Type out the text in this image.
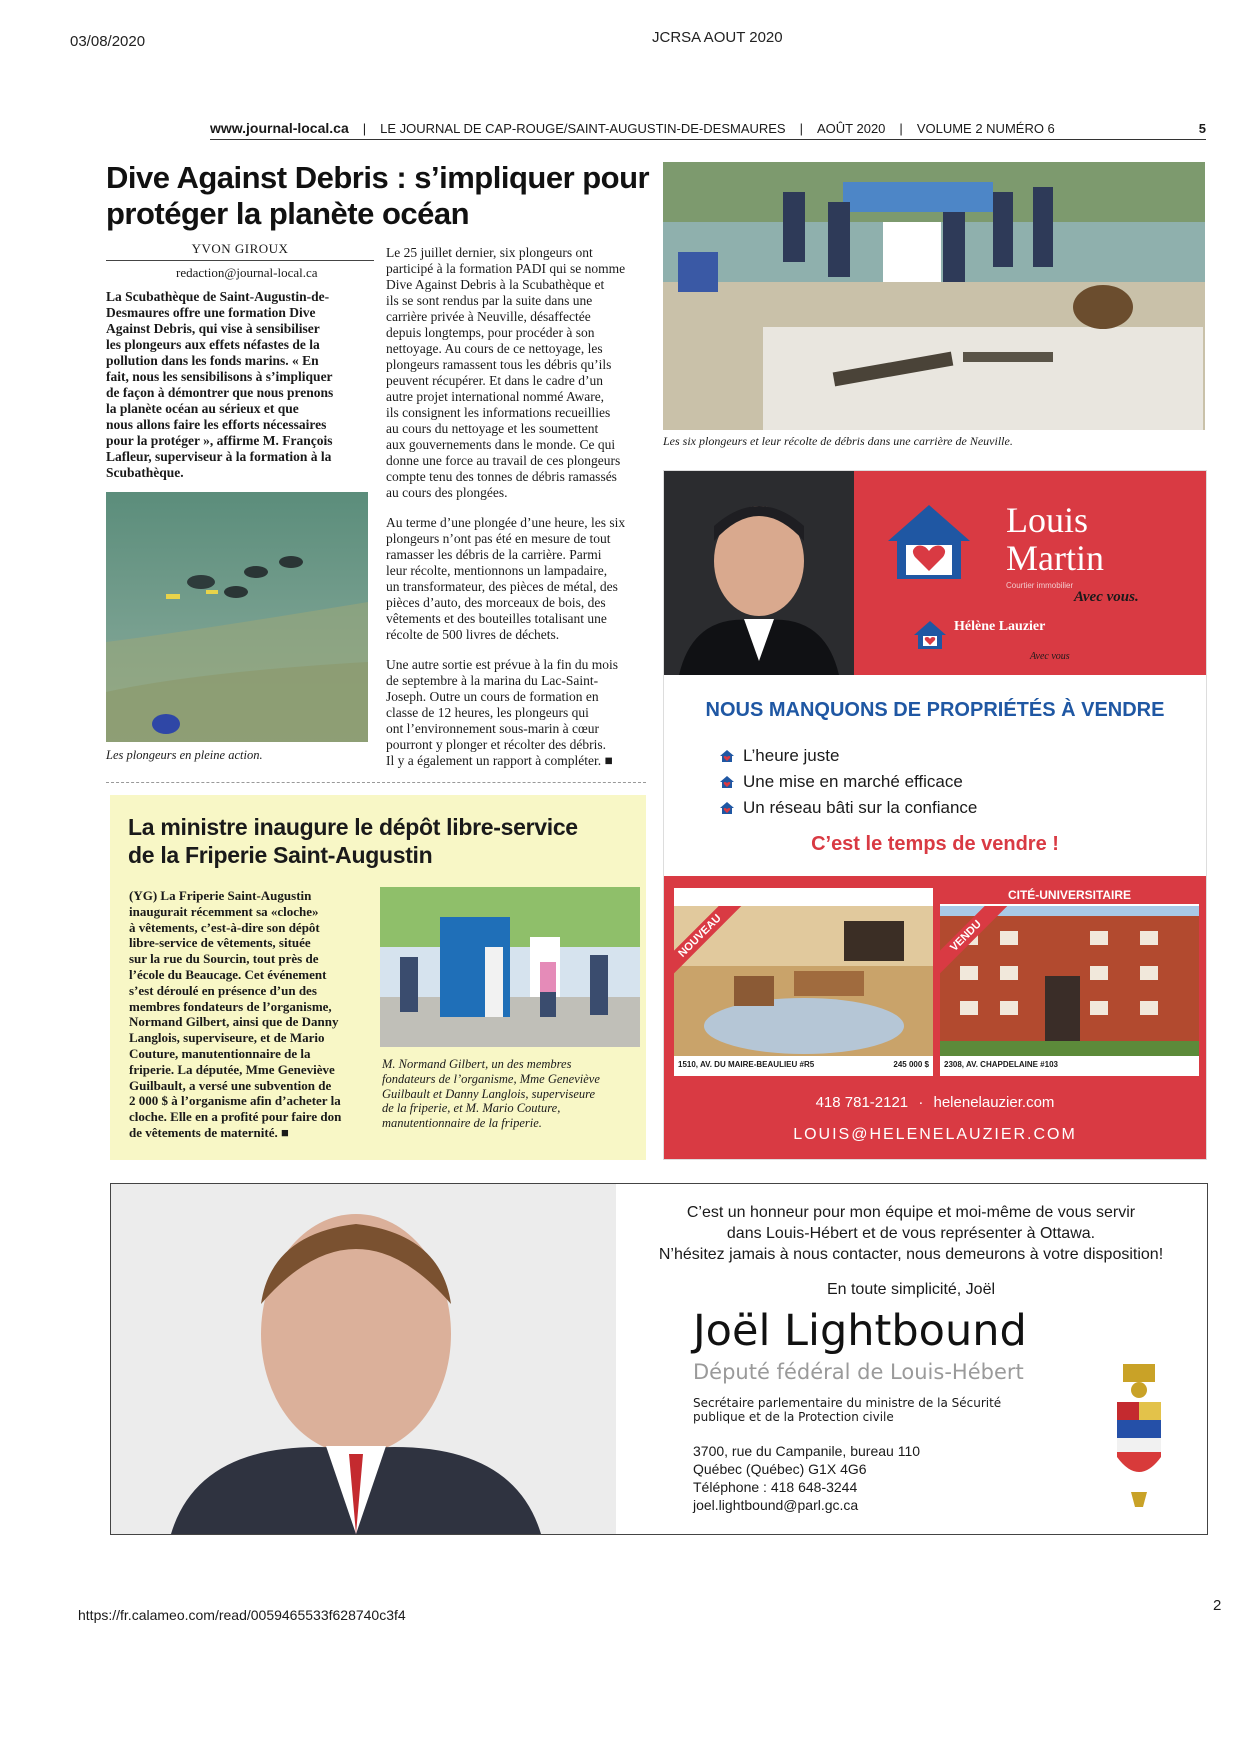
03/08/2020	JCRSA AOUT 2020
www.journal-local.ca | LE JOURNAL DE CAP-ROUGE/SAINT-AUGUSTIN-DE-DESMAURES | AOÛT 2020 | VOLUME 2 NUMÉRO 6	5
Dive Against Debris : s’impliquer pour
protéger la planète océan
YVON GIROUX
redaction@journal-local.ca
La Scubathèque de Saint-Augustin-de-
Desmaures offre une formation Dive
Against Debris, qui vise à sensibiliser
les plongeurs aux effets néfastes de la
pollution dans les fonds marins. « En
fait, nous les sensibilisons à s’impliquer
de façon à démontrer que nous prenons
la planète océan au sérieux et que
nous allons faire les efforts nécessaires
pour la protéger », affirme M. François
Lafleur, superviseur à la formation à la
Scubathèque.
Les plongeurs en pleine action.
Le 25 juillet dernier, six plongeurs ont
participé à la formation PADI qui se nomme
Dive Against Debris à la Scubathèque et
ils se sont rendus par la suite dans une
carrière privée à Neuville, désaffectée
depuis longtemps, pour procéder à son
nettoyage. Au cours de ce nettoyage, les
plongeurs ramassent tous les débris qu’ils
peuvent récupérer. Et dans le cadre d’un
autre projet international nommé Aware,
ils consignent les informations recueillies
au cours du nettoyage et les soumettent
aux gouvernements dans le monde. Ce qui
donne une force au travail de ces plongeurs
compte tenu des tonnes de débris ramassés
au cours des plongées.
Au terme d’une plongée d’une heure, les six
plongeurs n’ont pas été en mesure de tout
ramasser les débris de la carrière. Parmi
leur récolte, mentionnons un lampadaire,
un transformateur, des pièces de métal, des
pièces d’auto, des morceaux de bois, des
vêtements et des bouteilles totalisant une
récolte de 500 livres de déchets.
Une autre sortie est prévue à la fin du mois
de septembre à la marina du Lac-Saint-
Joseph. Outre un cours de formation en
classe de 12 heures, les plongeurs qui
ont l’environnement sous-marin à cœur
pourront y plonger et récolter des débris.
Il y a également un rapport à compléter. ■
Les six plongeurs et leur récolte de débris dans une carrière de Neuville.
Louis
Martin
Courtier immobilier
Avec vous.
Hélène Lauzier
Avec vous
NOUS MANQUONS DE PROPRIÉTÉS À VENDRE
L’heure juste
Une mise en marché efficace
Un réseau bâti sur la confiance
C’est le temps de vendre !
SILLERY
NOUVEAU
1510, AV. DU MAIRE-BEAULIEU #R5	245 000 $
CITÉ-UNIVERSITAIRE
VENDU
2308, AV. CHAPDELAINE #103
418 781-2121 · helenelauzier.com
LOUIS@HELENELAUZIER.COM
La ministre inaugure le dépôt libre-service
de la Friperie Saint-Augustin
(YG) La Friperie Saint-Augustin
inaugurait récemment sa «cloche»
à vêtements, c’est-à-dire son dépôt
libre-service de vêtements, située
sur la rue du Sourcin, tout près de
l’école du Beaucage. Cet événement
s’est déroulé en présence d’un des
membres fondateurs de l’organisme,
Normand Gilbert, ainsi que de Danny
Langlois, superviseure, et de Mario
Couture, manutentionnaire de la
friperie. La députée, Mme Geneviève
Guilbault, a versé une subvention de
2 000 $ à l’organisme afin d’acheter la
cloche. Elle en a profité pour faire don
de vêtements de maternité. ■
M. Normand Gilbert, un des membres
fondateurs de l’organisme, Mme Geneviève
Guilbault et Danny Langlois, superviseure
de la friperie, et M. Mario Couture,
manutentionnaire de la friperie.
C’est un honneur pour mon équipe et moi-même de vous servir
dans Louis-Hébert et de vous représenter à Ottawa.
N’hésitez jamais à nous contacter, nous demeurons à votre disposition!
En toute simplicité, Joël
Joël Lightbound
Député fédéral de Louis-Hébert
Secrétaire parlementaire du ministre de la Sécurité
publique et de la Protection civile
3700, rue du Campanile, bureau 110
Québec (Québec) G1X 4G6
Téléphone : 418 648-3244
joel.lightbound@parl.gc.ca
https://fr.calameo.com/read/0059465533f628740c3f4
2
